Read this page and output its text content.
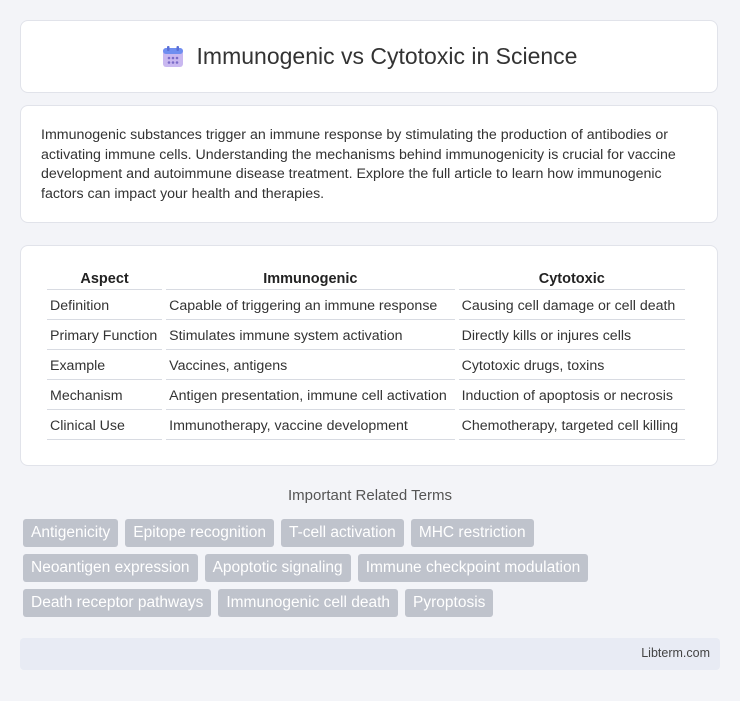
Immunogenic vs Cytotoxic in Science

Immunogenic substances trigger an immune response by stimulating the production of antibodies or activating immune cells. Understanding the mechanisms behind immunogenicity is crucial for vaccine development and autoimmune disease treatment. Explore the full article to learn how immunogenic factors can impact your health and therapies.

Aspect	Immunogenic	Cytotoxic
Definition	Capable of triggering an immune response	Causing cell damage or cell death
Primary Function	Stimulates immune system activation	Directly kills or injures cells
Example	Vaccines, antigens	Cytotoxic drugs, toxins
Mechanism	Antigen presentation, immune cell activation	Induction of apoptosis or necrosis
Clinical Use	Immunotherapy, vaccine development	Chemotherapy, targeted cell killing
Important Related Terms
Antigenicity	Epitope recognition	T-cell activation	MHC restriction
Neoantigen expression	Apoptotic signaling	Immune checkpoint modulation
Death receptor pathways	Immunogenic cell death	Pyroptosis
Libterm.com
